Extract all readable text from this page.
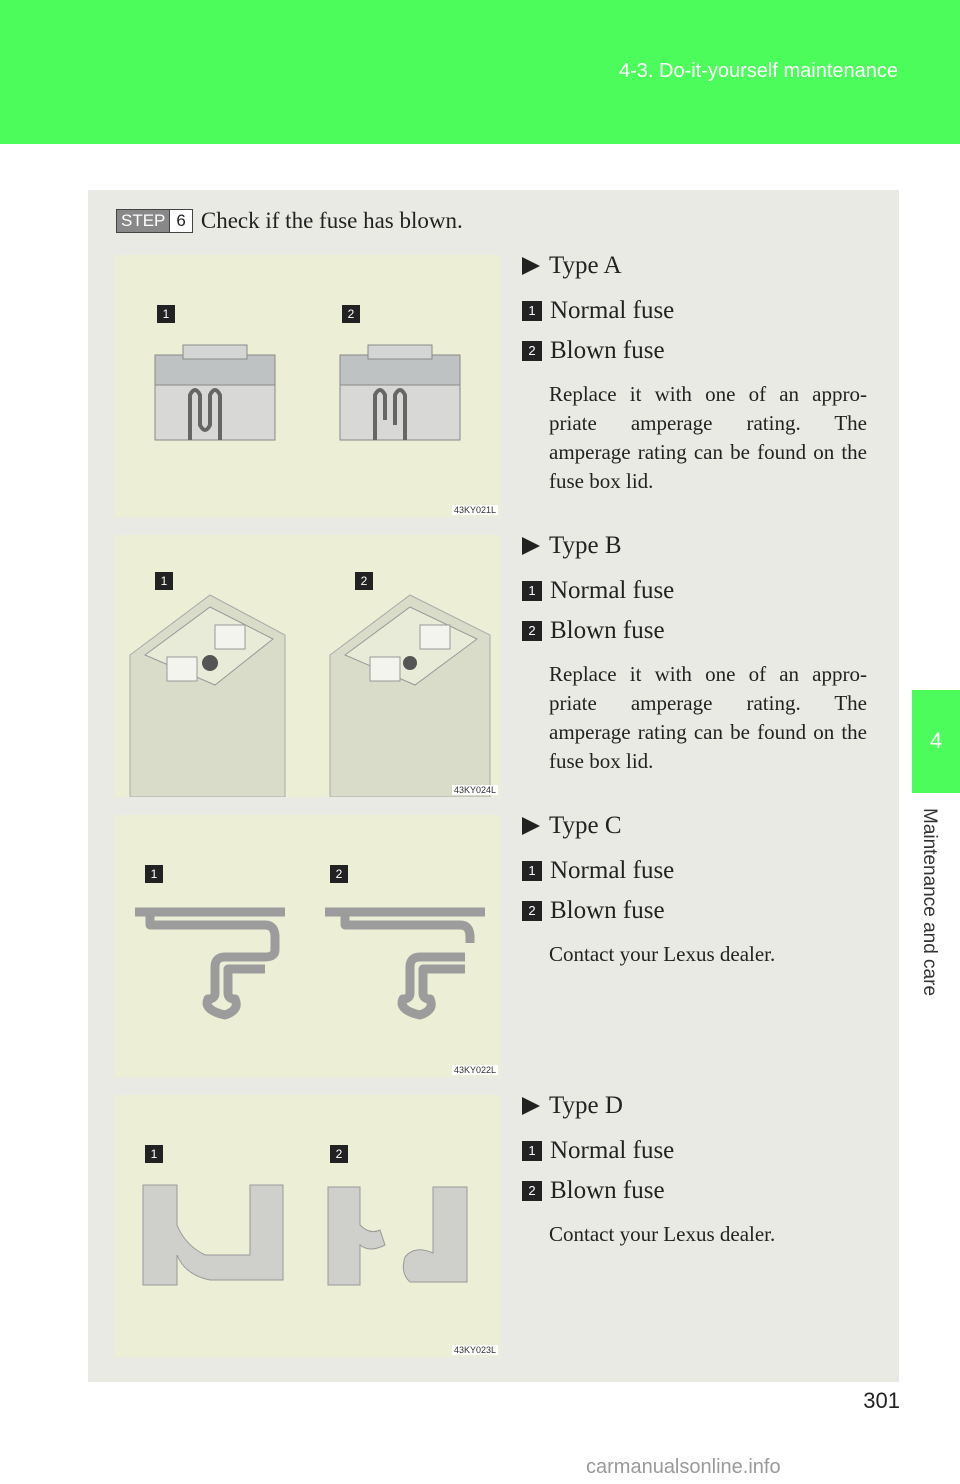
4-3. Do-it-yourself maintenance
4
Maintenance and care
STEP 6 Check if the fuse has blown.
1	2
43KY021L
1	2
43KY024L
1	2
43KY022L
1	2
43KY023L
Type A
1 Normal fuse
2 Blown fuse
Replace it with one of an appro-priate amperage rating. The amperage rating can be found on the fuse box lid.
Type B
1 Normal fuse
2 Blown fuse
Replace it with one of an appro-priate amperage rating. The amperage rating can be found on the fuse box lid.
Type C
1 Normal fuse
2 Blown fuse
Contact your Lexus dealer.
Type D
1 Normal fuse
2 Blown fuse
Contact your Lexus dealer.
301
carmanualsonline.info
